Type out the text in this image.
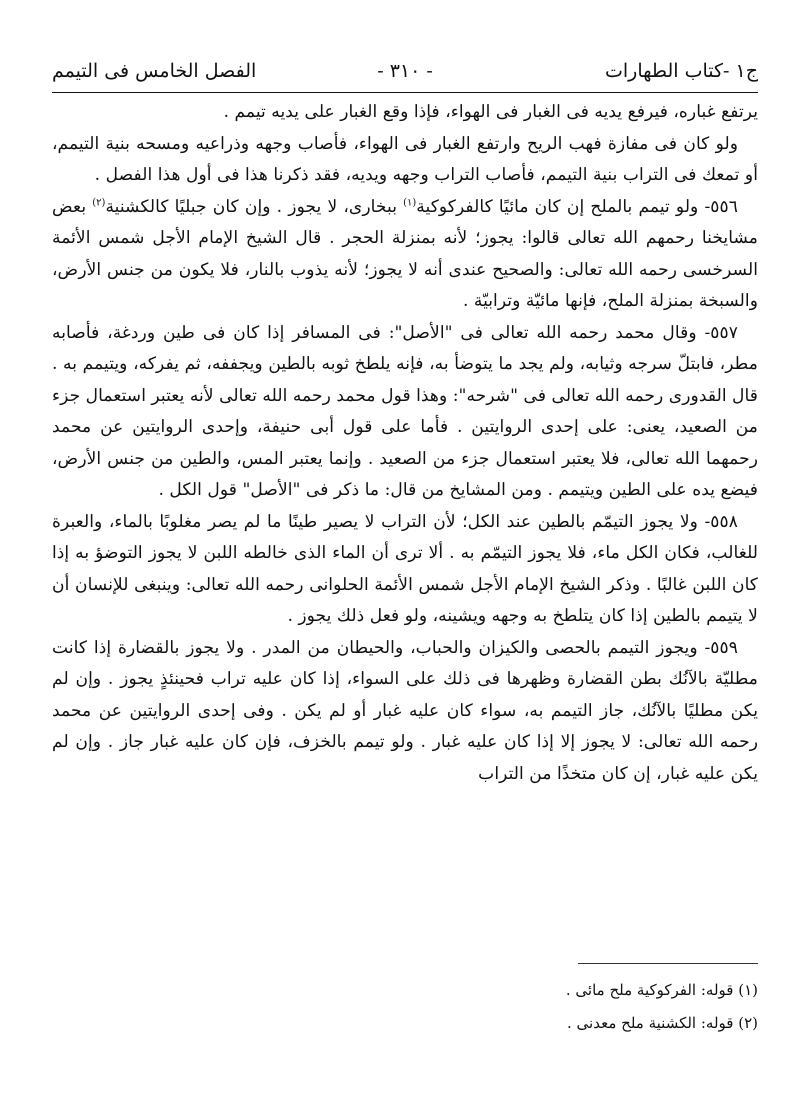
ج١ -كتاب الطهارات
- ٣١٠ -
الفصل الخامس فى التيمم

يرتفع غباره، فيرفع يديه فى الغبار فى الهواء، فإذا وقع الغبار على يديه تيمم .

ولو كان فى مفازة فهب الريح وارتفع الغبار فى الهواء، فأصاب وجهه وذراعيه ومسحه بنية التيمم، أو تمعك فى التراب بنية التيمم، فأصاب التراب وجهه ويديه، فقد ذكرنا هذا فى أول هذا الفصل .

٥٥٦- ولو تيمم بالملح إن كان مائيًا كالفركوكية$^{(١)}$ ببخارى، لا يجوز . وإن كان جبليًا كالكشنية$^{(٢)}$ بعض مشايخنا رحمهم الله تعالى قالوا: يجوز؛ لأنه بمنزلة الحجر . قال الشيخ الإمام الأجل شمس الأئمة السرخسى رحمه الله تعالى: والصحيح عندى أنه لا يجوز؛ لأنه يذوب بالنار، فلا يكون من جنس الأرض، والسبخة بمنزلة الملح، فإنها مائيّة وترابيّة .

٥٥٧- وقال محمد رحمه الله تعالى فى "الأصل": فى المسافر إذا كان فى طين وردغة، فأصابه مطر، فابتلّ سرجه وثيابه، ولم يجد ما يتوضأ به، فإنه يلطخ ثوبه بالطين ويجففه، ثم يفركه، ويتيمم به . قال القدورى رحمه الله تعالى فى "شرحه": وهذا قول محمد رحمه الله تعالى لأنه يعتبر استعمال جزء من الصعيد، يعنى: على إحدى الروايتين . فأما على قول أبى حنيفة، وإحدى الروايتين عن محمد رحمهما الله تعالى، فلا يعتبر استعمال جزء من الصعيد . وإنما يعتبر المس، والطين من جنس الأرض، فيضع يده على الطين ويتيمم . ومن المشايخ من قال: ما ذكر فى "الأصل" قول الكل .

٥٥٨- ولا يجوز التيمّم بالطين عند الكل؛ لأن التراب لا يصير طينًا ما لم يصر مغلوبًا بالماء، والعبرة للغالب، فكان الكل ماء، فلا يجوز التيمّم به . ألا ترى أن الماء الذى خالطه اللبن لا يجوز التوضؤ به إذا كان اللبن غالبًا . وذكر الشيخ الإمام الأجل شمس الأئمة الحلوانى رحمه الله تعالى: وينبغى للإنسان أن لا يتيمم بالطين إذا كان يتلطخ به وجهه ويشينه، ولو فعل ذلك يجوز .

٥٥٩- ويجوز التيمم بالحصى والكيزان والحباب، والحيطان من المدر . ولا يجوز بالقضارة إذا كانت مطليّة بالآنُك بطن القضارة وظهرها فى ذلك على السواء، إذا كان عليه تراب فحينئذٍ يجوز . وإن لم يكن مطليًا بالآنُك، جاز التيمم به، سواء كان عليه غبار أو لم يكن . وفى إحدى الروايتين عن محمد رحمه الله تعالى: لا يجوز إلا إذا كان عليه غبار . ولو تيمم بالخزف، فإن كان عليه غبار جاز . وإن لم يكن عليه غبار، إن كان متخذًا من التراب

(١) قوله: الفركوكية ملح مائى .

(٢) قوله: الكشنية ملح معدنى .
